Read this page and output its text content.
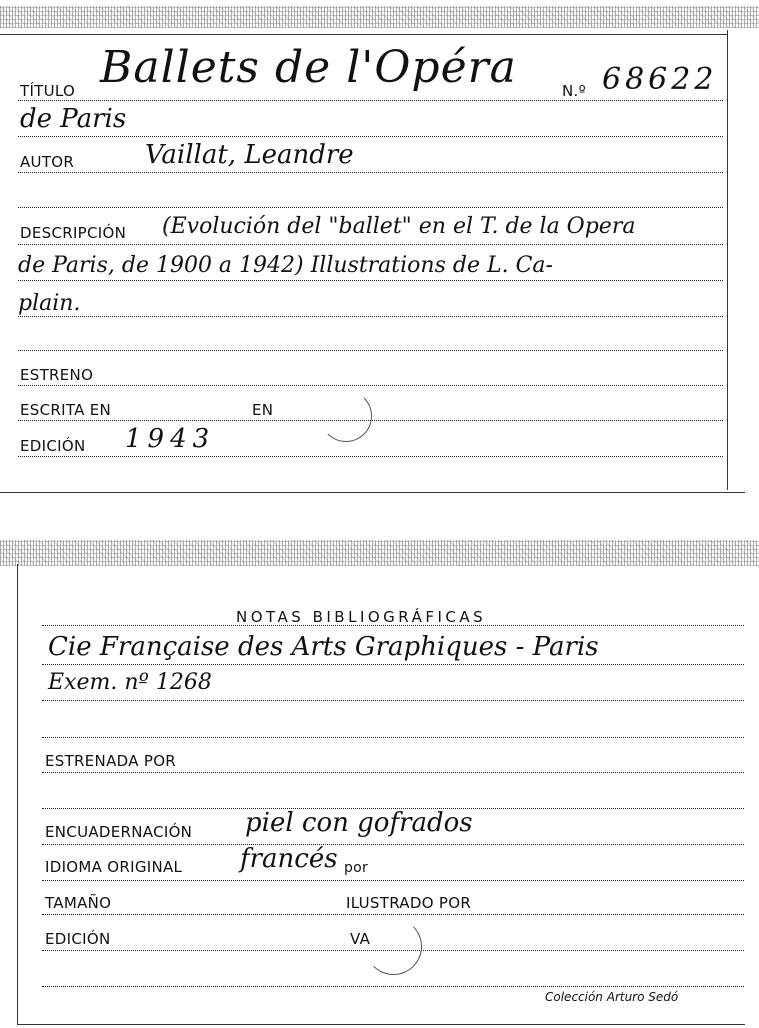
TÍTULO Ballets de l'Opéra	N.º 68622
de Paris
AUTOR	Vaillat, Leandre
DESCRIPCIÓN (Evolución del "ballet" en el T. de la Opera
de Paris, de 1900 a 1942) Illustrations de L. Ca-
plain.
ESTRENO
ESCRITA EN	EN
EDICIÓN 1943
NOTAS BIBLIOGRÁFICAS
Cie Française des Arts Graphiques - Paris
Exem. nº 1268
ESTRENADA POR
ENCUADERNACIÓN piel con gofrados
IDIOMA ORIGINAL francés por
TAMAÑO	ILUSTRADO POR
EDICIÓN	VA
Colección Arturo Sedó
